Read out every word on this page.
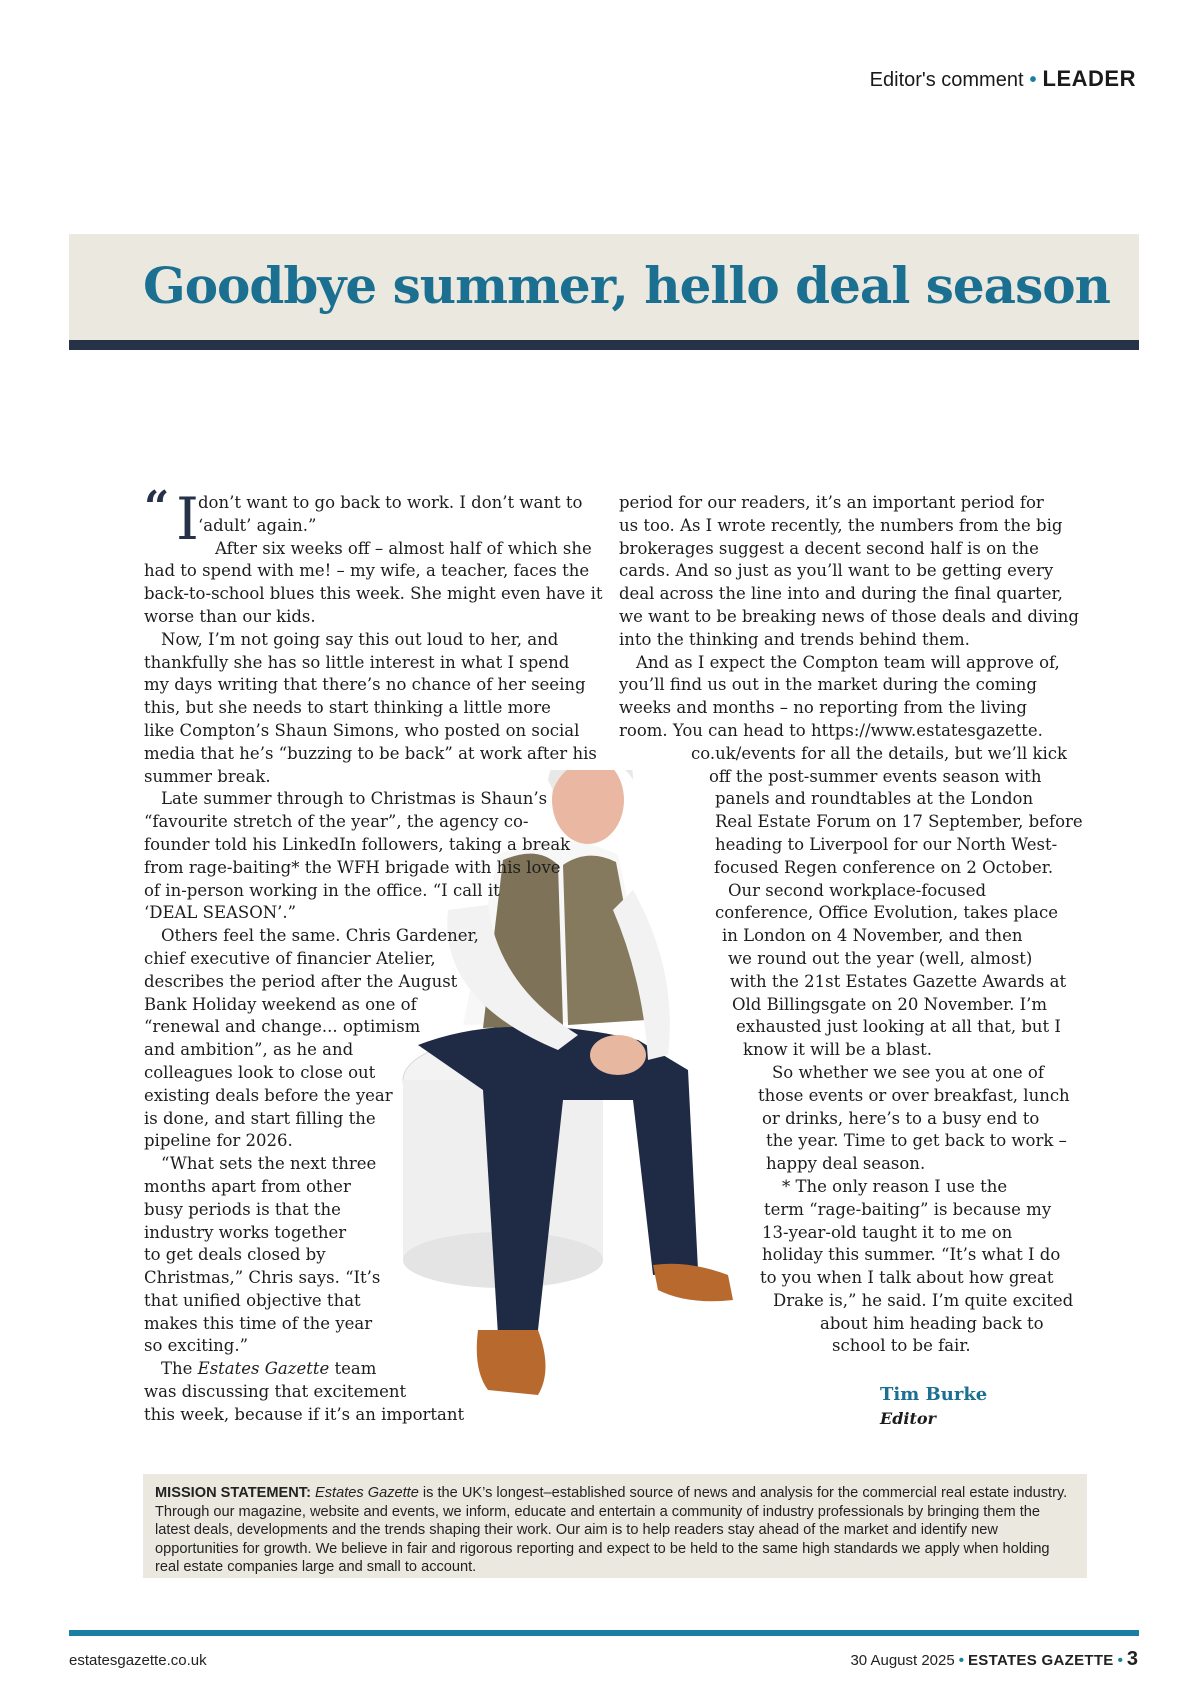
Editor's comment • LEADER
Goodbye summer, hello deal season
“ I don’t want to go back to work. I don’t want to

‘adult’ again.”

After six weeks off – almost half of which she

had to spend with me! – my wife, a teacher, faces the

back-to-school blues this week. She might even have it

worse than our kids.

Now, I’m not going say this out loud to her, and

thankfully she has so little interest in what I spend

my days writing that there’s no chance of her seeing

this, but she needs to start thinking a little more

like Compton’s Shaun Simons, who posted on social

media that he’s “buzzing to be back” at work after his

summer break.

Late summer through to Christmas is Shaun’s

“favourite stretch of the year”, the agency co-

founder told his LinkedIn followers, taking a break

from rage-baiting* the WFH brigade with his love

of in-person working in the office. “I call it

‘DEAL SEASON’.”

Others feel the same. Chris Gardener,

chief executive of financier Atelier,

describes the period after the August

Bank Holiday weekend as one of

“renewal and change... optimism

and ambition”, as he and

colleagues look to close out

existing deals before the year

is done, and start filling the

pipeline for 2026.

“What sets the next three

months apart from other

busy periods is that the

industry works together

to get deals closed by

Christmas,” Chris says. “It’s

that unified objective that

makes this time of the year

so exciting.”

The Estates Gazette team

was discussing that excitement

this week, because if it’s an important

period for our readers, it’s an important period for

us too. As I wrote recently, the numbers from the big

brokerages suggest a decent second half is on the

cards. And so just as you’ll want to be getting every

deal across the line into and during the final quarter,

we want to be breaking news of those deals and diving

into the thinking and trends behind them.

And as I expect the Compton team will approve of,

you’ll find us out in the market during the coming

weeks and months – no reporting from the living

room. You can head to https://www.estatesgazette.

co.uk/events for all the details, but we’ll kick

off the post-summer events season with

panels and roundtables at the London

Real Estate Forum on 17 September, before

heading to Liverpool for our North West-

focused Regen conference on 2 October.

Our second workplace-focused

conference, Office Evolution, takes place

in London on 4 November, and then

we round out the year (well, almost)

with the 21st Estates Gazette Awards at

Old Billingsgate on 20 November. I’m

exhausted just looking at all that, but I

know it will be a blast.

So whether we see you at one of

those events or over breakfast, lunch

or drinks, here’s to a busy end to

the year. Time to get back to work –

happy deal season.

* The only reason I use the

term “rage-baiting” is because my

13-year-old taught it to me on

holiday this summer. “It’s what I do

to you when I talk about how great

Drake is,” he said. I’m quite excited

about him heading back to

school to be fair.

Tim Burke
Editor
MISSION STATEMENT: Estates Gazette is the UK’s longest–established source of news and analysis for the commercial real estate industry. Through our magazine, website and events, we inform, educate and entertain a community of industry professionals by bringing them the latest deals, developments and the trends shaping their work. Our aim is to help readers stay ahead of the market and identify new opportunities for growth. We believe in fair and rigorous reporting and expect to be held to the same high standards we apply when holding real estate companies large and small to account.
estatesgazette.co.uk	30 August 2025 • ESTATES GAZETTE • 3
